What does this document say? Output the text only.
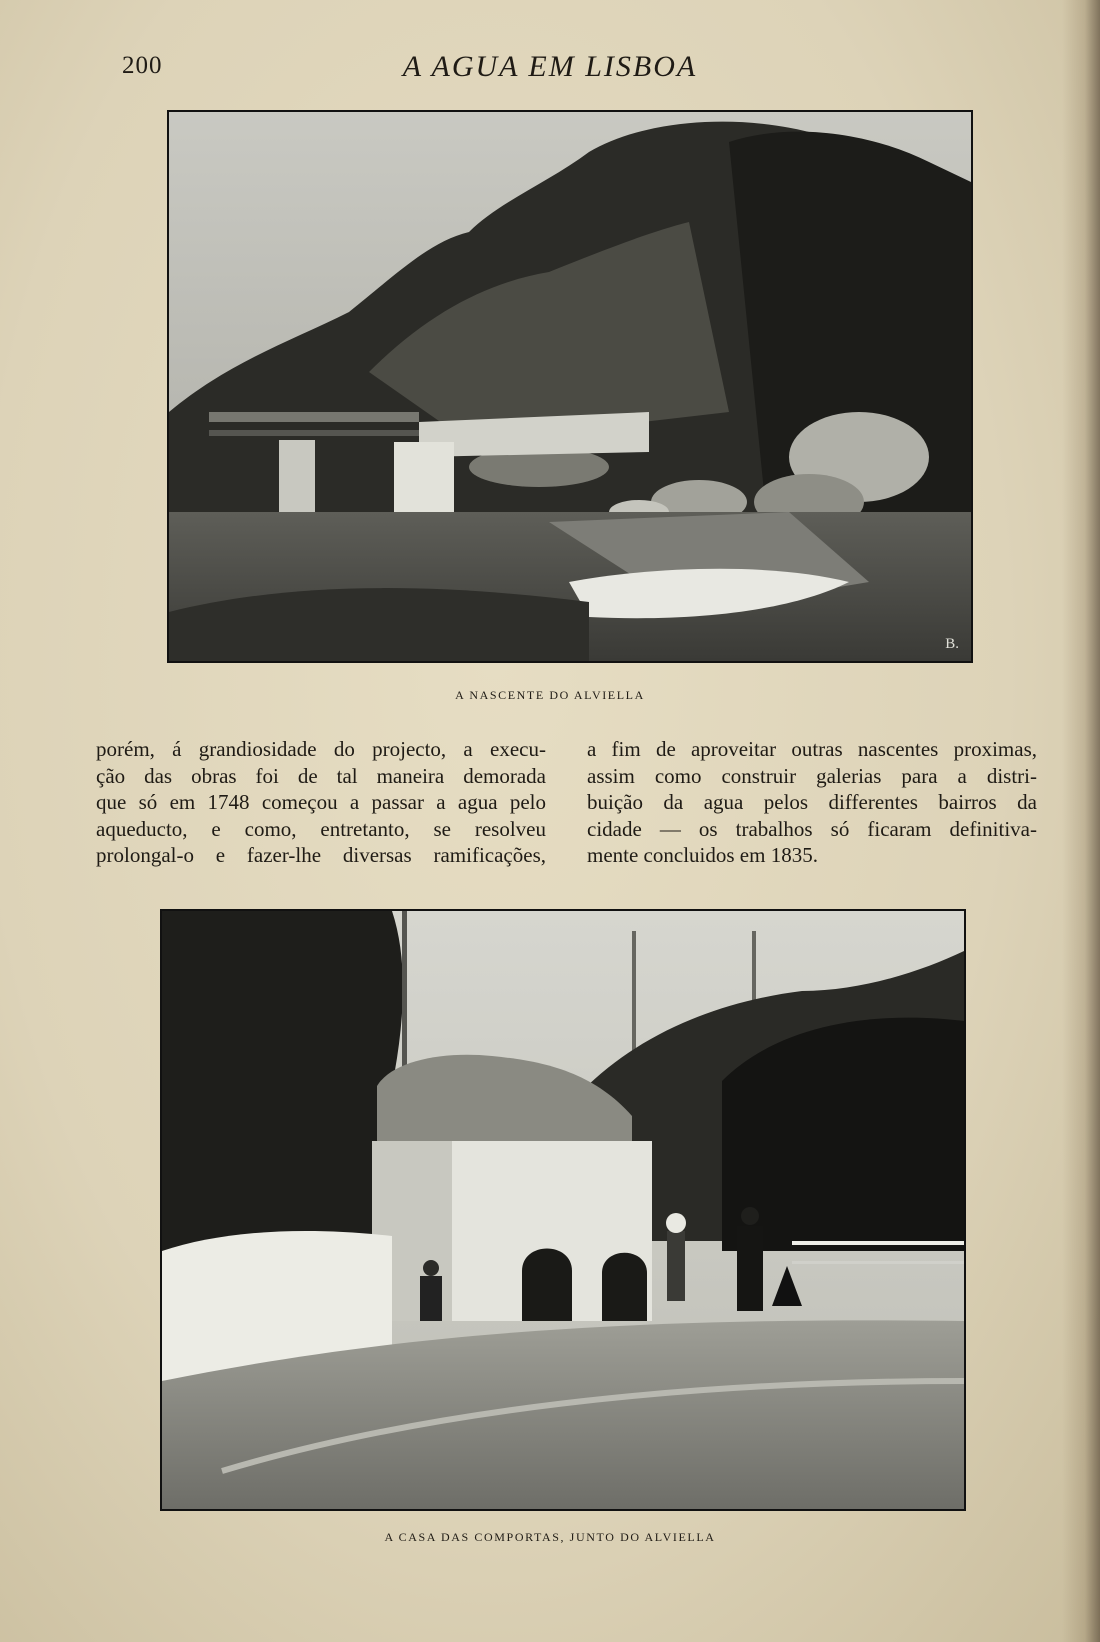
200	A AGUA EM LISBOA
B.
A NASCENTE DO ALVIELLA
porém, á grandiosidade do projecto, a execu-
ção das obras foi de tal maneira demorada
que só em 1748 começou a passar a agua pelo
aqueducto, e como, entretanto, se resolveu
prolongal-o e fazer-lhe diversas ramificações,
a fim de aproveitar outras nascentes proximas,
assim como construir galerias para a distri-
buição da agua pelos differentes bairros da
cidade — os trabalhos só ficaram definitiva-
mente concluidos em 1835.
A CASA DAS COMPORTAS, JUNTO DO ALVIELLA
